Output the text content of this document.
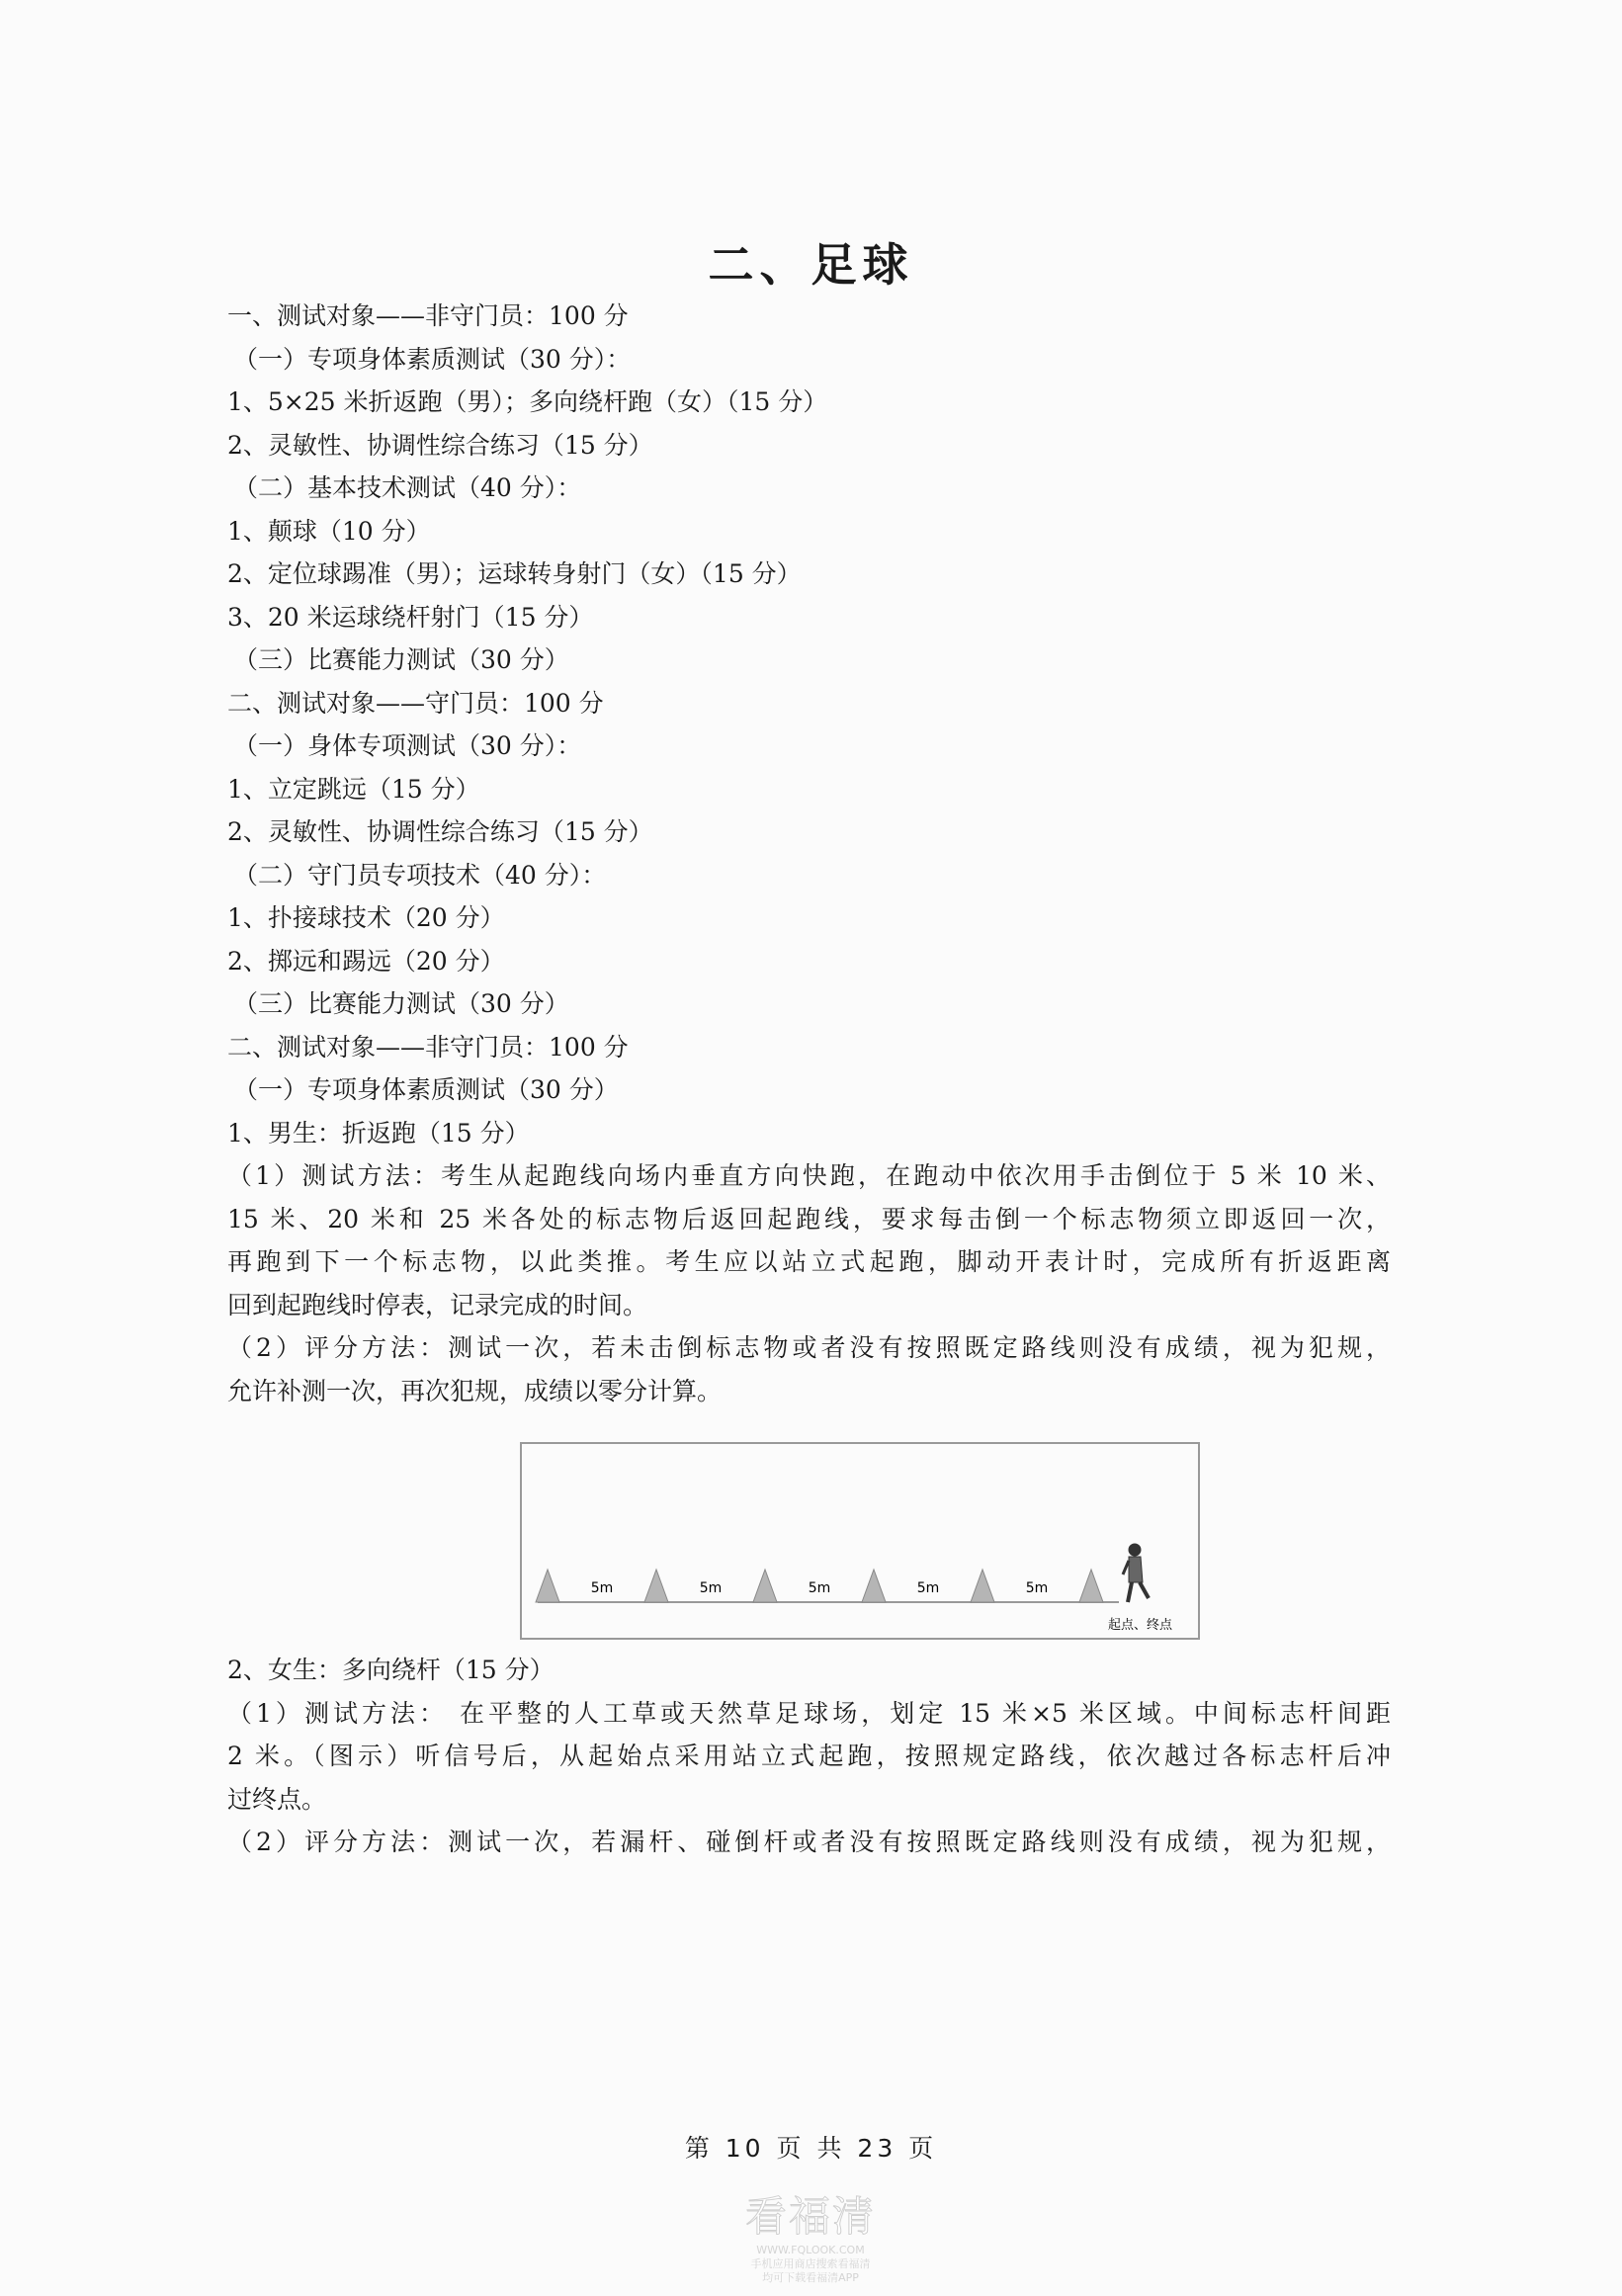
二、足球
一、测试对象——非守门员：100 分
（一）专项身体素质测试（30 分）：
1、5×25 米折返跑（男）；多向绕杆跑（女）（15 分）
2、灵敏性、协调性综合练习（15 分）
（二）基本技术测试（40 分）：
1、颠球（10 分）
2、定位球踢准（男）；运球转身射门（女）（15 分）
3、20 米运球绕杆射门（15 分）
（三）比赛能力测试（30 分）
二、测试对象——守门员：100 分
（一）身体专项测试（30 分）：
1、立定跳远（15 分）
2、灵敏性、协调性综合练习（15 分）
（二）守门员专项技术（40 分）：
1、扑接球技术（20 分）
2、掷远和踢远（20 分）
（三）比赛能力测试（30 分）
二、测试对象——非守门员：100 分
（一）专项身体素质测试（30 分）
1、男生：折返跑（15 分）
（1）测试方法：考生从起跑线向场内垂直方向快跑，在跑动中依次用手击倒位于 5 米 10 米、
15 米、20 米和 25 米各处的标志物后返回起跑线，要求每击倒一个标志物须立即返回一次，
再跑到下一个标志物，以此类推。考生应以站立式起跑，脚动开表计时，完成所有折返距离
回到起跑线时停表，记录完成的时间。
（2）评分方法：测试一次，若未击倒标志物或者没有按照既定路线则没有成绩，视为犯规，
允许补测一次，再次犯规，成绩以零分计算。
5m	5m	5m	5m	5m
起点、终点
2、女生：多向绕杆（15 分）
（1）测试方法： 在平整的人工草或天然草足球场，划定 15 米×5 米区域。中间标志杆间距
2 米。（图示）听信号后，从起始点采用站立式起跑，按照规定路线，依次越过各标志杆后冲
过终点。
（2）评分方法：测试一次，若漏杆、碰倒杆或者没有按照既定路线则没有成绩，视为犯规，
第 10 页 共 23 页
看福清
WWW.FQLOOK.COM
手机应用商店搜索看福清
均可下载看福清APP
